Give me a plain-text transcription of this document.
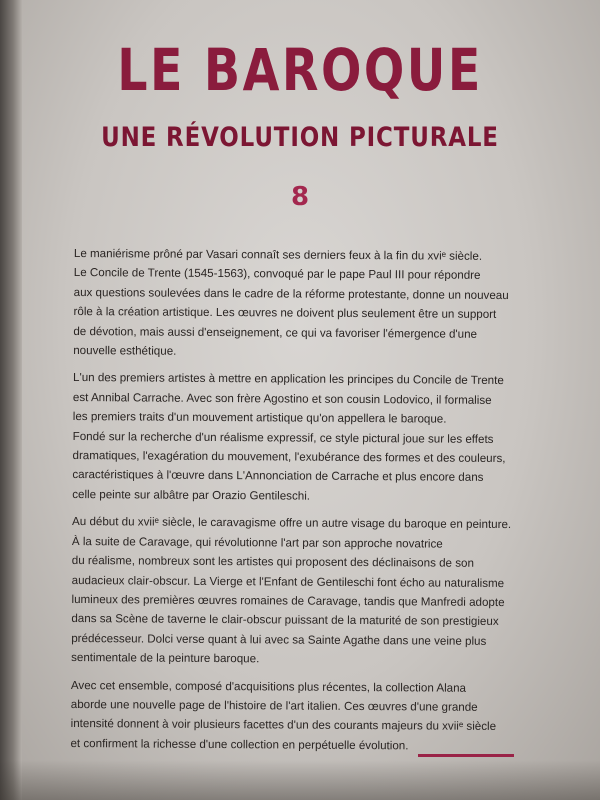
LE BAROQUE
UNE RÉVOLUTION PICTURALE
8

Le maniérisme prôné par Vasari connaît ses derniers feux à la fin du xviᵉ siècle.
Le Concile de Trente (1545-1563), convoqué par le pape Paul III pour répondre
aux questions soulevées dans le cadre de la réforme protestante, donne un nouveau
rôle à la création artistique. Les œuvres ne doivent plus seulement être un support
de dévotion, mais aussi d'enseignement, ce qui va favoriser l'émergence d'une
nouvelle esthétique.

L'un des premiers artistes à mettre en application les principes du Concile de Trente
est Annibal Carrache. Avec son frère Agostino et son cousin Lodovico, il formalise
les premiers traits d'un mouvement artistique qu'on appellera le baroque.
Fondé sur la recherche d'un réalisme expressif, ce style pictural joue sur les effets
dramatiques, l'exagération du mouvement, l'exubérance des formes et des couleurs,
caractéristiques à l'œuvre dans L'Annonciation de Carrache et plus encore dans
celle peinte sur albâtre par Orazio Gentileschi.

Au début du xviiᵉ siècle, le caravagisme offre un autre visage du baroque en peinture.
À la suite de Caravage, qui révolutionne l'art par son approche novatrice
du réalisme, nombreux sont les artistes qui proposent des déclinaisons de son
audacieux clair-obscur. La Vierge et l'Enfant de Gentileschi font écho au naturalisme
lumineux des premières œuvres romaines de Caravage, tandis que Manfredi adopte
dans sa Scène de taverne le clair-obscur puissant de la maturité de son prestigieux
prédécesseur. Dolci verse quant à lui avec sa Sainte Agathe dans une veine plus
sentimentale de la peinture baroque.

Avec cet ensemble, composé d'acquisitions plus récentes, la collection Alana
aborde une nouvelle page de l'histoire de l'art italien. Ces œuvres d'une grande
intensité donnent à voir plusieurs facettes d'un des courants majeurs du xviiᵉ siècle
et confirment la richesse d'une collection en perpétuelle évolution.
